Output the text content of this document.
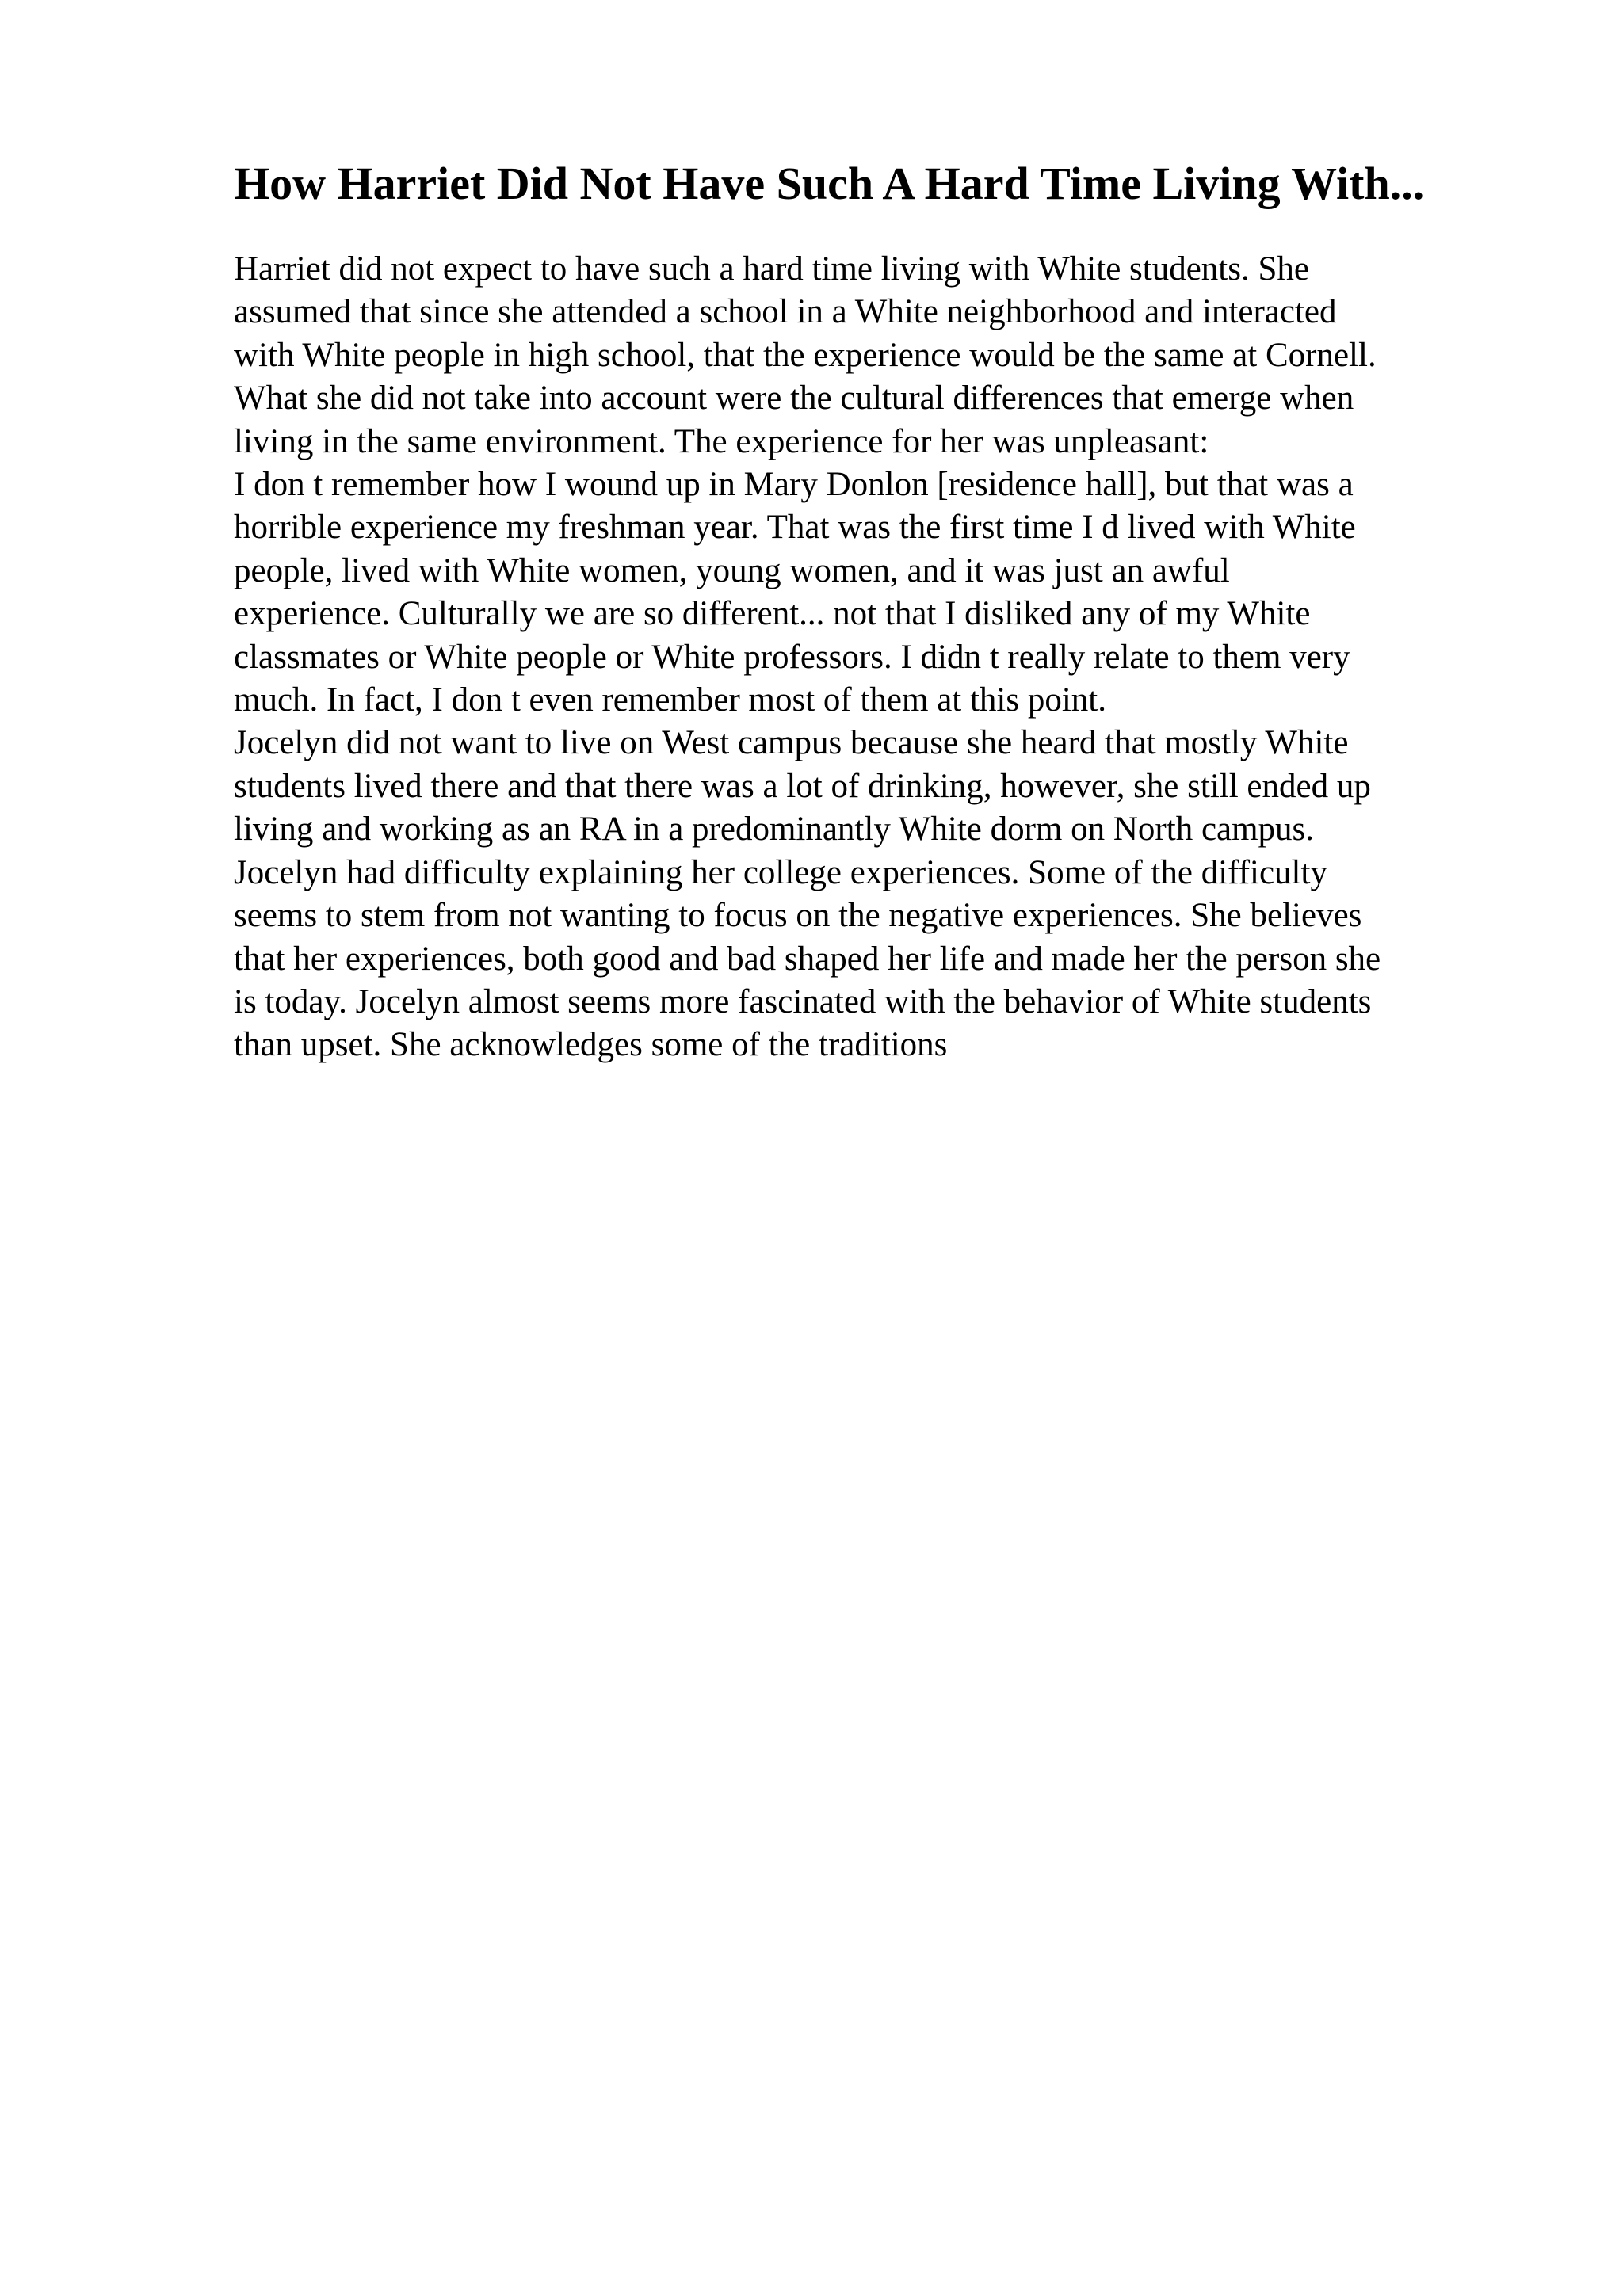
How Harriet Did Not Have Such A Hard Time Living With...
Harriet did not expect to have such a hard time living with White students. She
assumed that since she attended a school in a White neighborhood and interacted
with White people in high school, that the experience would be the same at Cornell.
What she did not take into account were the cultural differences that emerge when
living in the same environment. The experience for her was unpleasant:
I don t remember how I wound up in Mary Donlon [residence hall], but that was a
horrible experience my freshman year. That was the first time I d lived with White
people, lived with White women, young women, and it was just an awful
experience. Culturally we are so different... not that I disliked any of my White
classmates or White people or White professors. I didn t really relate to them very
much. In fact, I don t even remember most of them at this point.
Jocelyn did not want to live on West campus because she heard that mostly White
students lived there and that there was a lot of drinking, however, she still ended up
living and working as an RA in a predominantly White dorm on North campus.
Jocelyn had difficulty explaining her college experiences. Some of the difficulty
seems to stem from not wanting to focus on the negative experiences. She believes
that her experiences, both good and bad shaped her life and made her the person she
is today. Jocelyn almost seems more fascinated with the behavior of White students
than upset. She acknowledges some of the traditions
